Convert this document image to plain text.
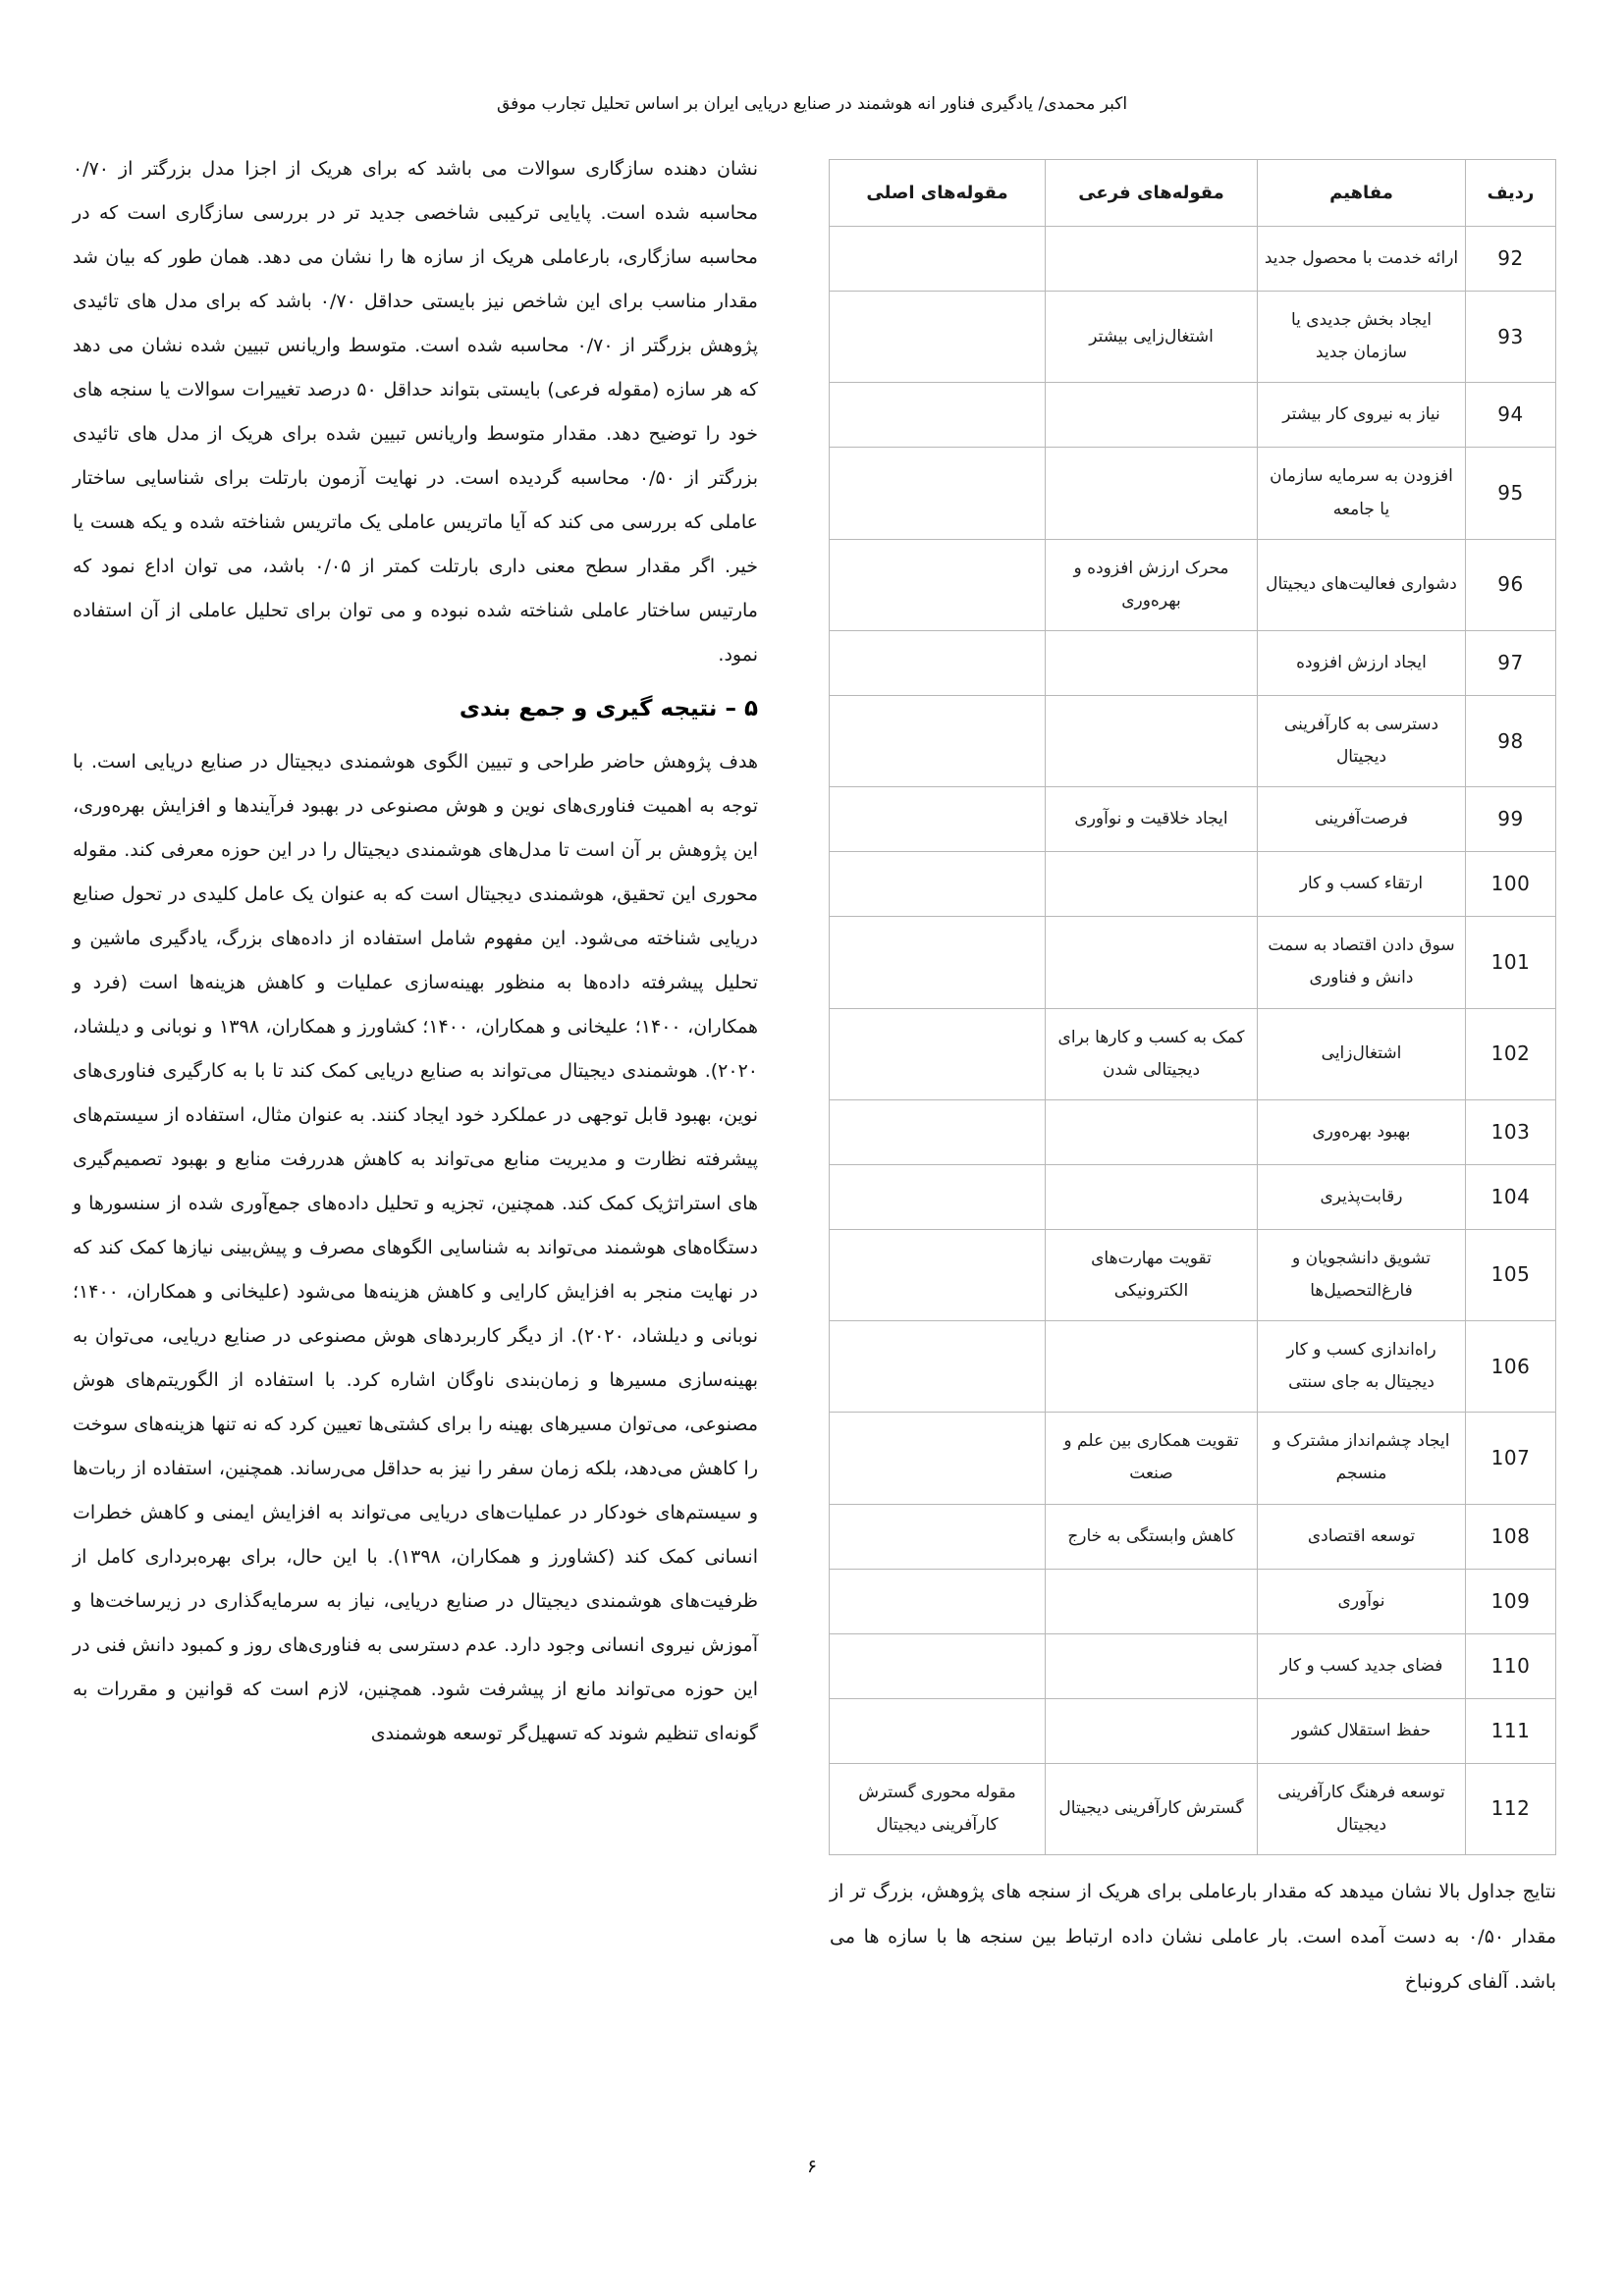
اکبر محمدی/ یادگیری فناور انه هوشمند در صنایع دریایی ایران بر اساس تحلیل تجارب موفق

نشان دهنده سازگاری سوالات می باشد که برای هریک از اجزا مدل بزرگتر از ۰/۷۰ محاسبه شده است. پایایی ترکیبی شاخصی جدید تر در بررسی سازگاری است که در محاسبه سازگاری، بارعاملی هریک از سازه ها را نشان می دهد. همان طور که بیان شد مقدار مناسب برای این شاخص نیز بایستی حداقل ۰/۷۰ باشد که برای مدل های تائیدی پژوهش بزرگتر از ۰/۷۰ محاسبه شده است. متوسط واریانس تبیین شده نشان می دهد که هر سازه (مقوله فرعی) بایستی بتواند حداقل ۵۰ درصد تغییرات سوالات یا سنجه های خود را توضیح دهد. مقدار متوسط واریانس تبیین شده برای هریک از مدل های تائیدی بزرگتر از ۰/۵۰ محاسبه گردیده است. در نهایت آزمون بارتلت برای شناسایی ساختار عاملی که بررسی می کند که آیا ماتریس عاملی یک ماتریس شناخته شده و یکه هست یا خیر. اگر مقدار سطح معنی داری بارتلت کمتر از ۰/۰۵ باشد، می توان اداع نمود که مارتیس ساختار عاملی شناخته شده نبوده و می توان برای تحلیل عاملی از آن استفاده نمود.

۵ – نتیجه گیری و جمع بندی

هدف پژوهش حاضر طراحی و تبیین الگوی هوشمندی دیجیتال در صنایع دریایی است. با توجه به اهمیت فناوری‌های نوین و هوش مصنوعی در بهبود فرآیندها و افزایش بهره‌وری، این پژوهش بر آن است تا مدل‌های هوشمندی دیجیتال را در این حوزه معرفی کند. مقوله محوری این تحقیق، هوشمندی دیجیتال است که به عنوان یک عامل کلیدی در تحول صنایع دریایی شناخته می‌شود. این مفهوم شامل استفاده از داده‌های بزرگ، یادگیری ماشین و تحلیل پیشرفته داده‌ها به منظور بهینه‌سازی عملیات و کاهش هزینه‌ها است (فرد و همکاران، ۱۴۰۰؛ علیخانی و همکاران، ۱۴۰۰؛ کشاورز و همکاران، ۱۳۹۸ و نوبانی و دیلشاد، ۲۰۲۰). هوشمندی دیجیتال می‌تواند به صنایع دریایی کمک کند تا با به کارگیری فناوری‌های نوین، بهبود قابل توجهی در عملکرد خود ایجاد کنند. به عنوان مثال، استفاده از سیستم‌های پیشرفته نظارت و مدیریت منابع می‌تواند به کاهش هدررفت منابع و بهبود تصمیم‌گیری های استراتژیک کمک کند. همچنین، تجزیه و تحلیل داده‌های جمع‌آوری شده از سنسورها و دستگاه‌های هوشمند می‌تواند به شناسایی الگوهای مصرف و پیش‌بینی نیازها کمک کند که در نهایت منجر به افزایش کارایی و کاهش هزینه‌ها می‌شود (علیخانی و همکاران، ۱۴۰۰؛ نوبانی و دیلشاد، ۲۰۲۰). از دیگر کاربردهای هوش مصنوعی در صنایع دریایی، می‌توان به بهینه‌سازی مسیرها و زمان‌بندی ناوگان اشاره کرد. با استفاده از الگوریتم‌های هوش مصنوعی، می‌توان مسیرهای بهینه را برای کشتی‌ها تعیین کرد که نه تنها هزینه‌های سوخت را کاهش می‌دهد، بلکه زمان سفر را نیز به حداقل می‌رساند. همچنین، استفاده از ربات‌ها و سیستم‌های خودکار در عملیات‌های دریایی می‌تواند به افزایش ایمنی و کاهش خطرات انسانی کمک کند (کشاورز و همکاران، ۱۳۹۸). با این حال، برای بهره‌برداری کامل از ظرفیت‌های هوشمندی دیجیتال در صنایع دریایی، نیاز به سرمایه‌گذاری در زیرساخت‌ها و آموزش نیروی انسانی وجود دارد. عدم دسترسی به فناوری‌های روز و کمبود دانش فنی در این حوزه می‌تواند مانع از پیشرفت شود. همچنین، لازم است که قوانین و مقررات به گونه‌ای تنظیم شوند که تسهیل‌گر توسعه هوشمندی

ردیف	مفاهیم	مقوله‌های فرعی	مقوله‌های اصلی
92	ارائه خدمت با محصول جدید		
93	ایجاد بخش جدیدی یا سازمان جدید	اشتغال‌زایی بیشتر	
94	نیاز به نیروی کار بیشتر		
95	افزودن به سرمایه سازمان یا جامعه		
96	دشواری فعالیت‌های دیجیتال	محرک ارزش افزوده و بهره‌وری	
97	ایجاد ارزش افزوده		
98	دسترسی به کارآفرینی دیجیتال		
99	فرصت‌آفرینی	ایجاد خلاقیت و نوآوری	
100	ارتقاء کسب و کار		
101	سوق دادن اقتصاد به سمت دانش و فناوری		
102	اشتغال‌زایی	کمک به کسب و کارها برای دیجیتالی شدن	
103	بهبود بهره‌وری		
104	رقابت‌پذیری		
105	تشویق دانشجویان و فارغ‌التحصیل‌ها	تقویت مهارت‌های الکترونیکی	
106	راه‌اندازی کسب و کار دیجیتال به جای سنتی		
107	ایجاد چشم‌انداز مشترک و منسجم	تقویت همکاری بین علم و صنعت	
108	توسعه اقتصادی	کاهش وابستگی به خارج	
109	نوآوری		
110	فضای جدید کسب و کار		
111	حفظ استقلال کشور		
112	توسعه فرهنگ کارآفرینی دیجیتال	گسترش کارآفرینی دیجیتال	مقوله محوری گسترش کارآفرینی دیجیتال

نتایج جداول بالا نشان میدهد که مقدار بارعاملی برای هریک از سنجه های پژوهش، بزرگ تر از مقدار ۰/۵۰ به دست آمده است. بار عاملی نشان داده ارتباط بین سنجه ها با سازه ها می باشد. آلفای کرونباخ

۶
